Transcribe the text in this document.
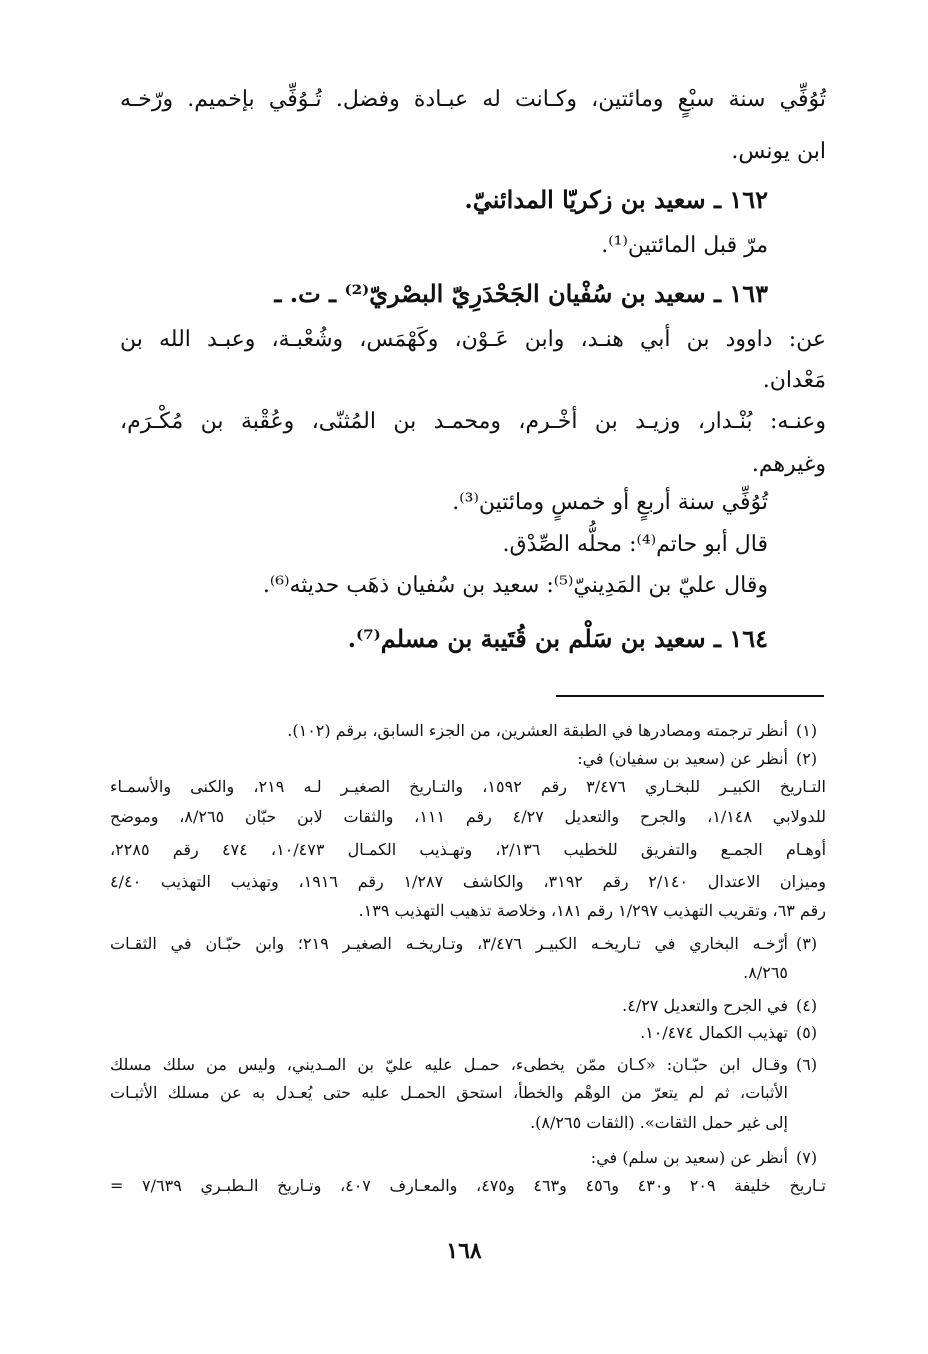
تُوُفِّي سنة سبْعٍ ومائتين، وكـانت له عبـادة وفضل. تُـوُفِّي بإخميم. ورّخـه
ابن يونس.
١٦٢ ـ سعيد بن زكريّا المدائنيّ.
مرّ قبل المائتين⁽¹⁾.
١٦٣ ـ سعيد بن سُفْيان الجَحْدَرِيّ البصْريّ⁽²⁾ ـ ت. ـ
عن: داوود بن أبي هنـد، وابن عَـوْن، وكَهْمَس، وشُعْبـة، وعبـد الله بن
مَعْدان.
وعنـه: بُنْـدار، وزيـد بن أخْـرم، ومحمـد بن المُثنّى، وعُقْبة بن مُكْـرَم،
وغيرهم.
تُوُفِّي سنة أربعٍ أو خمسٍ ومائتين⁽³⁾.
قال أبو حاتم⁽⁴⁾: محلُّه الصِّدْق.
وقال عليّ بن المَدِينيّ⁽⁵⁾: سعيد بن سُفيان ذهَب حديثه⁽⁶⁾.
١٦٤ ـ سعيد بن سَلْم بن قُتَيبة بن مسلم⁽⁷⁾.
(١)
(٢)
(٣)
(٤)
(٥)
(٦)
(٧)
أنظر ترجمته ومصادرها في الطبقة العشرين، من الجزء السابق، برقم (١٠٢).
أنظر عن (سعيد بن سفيان) في:
التـاريخ الكبيـر للبخـاري ٣/٤٧٦ رقم ١٥٩٢، والتـاريخ الصغيـر لـه ٢١٩، والكنى والأسمـاء
للدولابي ١/١٤٨، والجرح والتعديل ٤/٢٧ رقم ١١١، والثقات لابن حبّان ٨/٢٦٥، وموضح
أوهـام الجمـع والتفريق للخطيب ٢/١٣٦، وتهـذيب الكمـال ١٠/٤٧٣، ٤٧٤ رقم ٢٢٨٥،
وميزان الاعتدال ٢/١٤٠ رقم ٣١٩٢، والكاشف ١/٢٨٧ رقم ١٩١٦، وتهذيب التهذيب ٤/٤٠
رقم ٦٣، وتقريب التهذيب ١/٢٩٧ رقم ١٨١، وخلاصة تذهيب التهذيب ١٣٩.
أرّخـه البخاري في تـاريخـه الكبيـر ٣/٤٧٦، وتـاريخـه الصغيـر ٢١٩؛ وابن حبّـان في الثقـات
٨/٢٦٥.
في الجرح والتعديل ٤/٢٧.
تهذيب الكمال ١٠/٤٧٤.
وقـال ابن حبّـان: «كـان ممّن يخطىء، حمـل عليه عليّ بن المـديني، وليس من سلك مسلك
الأثبات، ثم لم يتعرّ من الوهْم والخطأ، استحق الحمـل عليه حتى يُعـدل به عن مسلك الأثبـات
إلى غير حمل الثقات». (الثقات ٨/٢٦٥).
أنظر عن (سعيد بن سلم) في:
تـاريخ خليفة ٢٠٩ و٤٣٠ و٤٥٦ و٤٦٣ و٤٧٥، والمعـارف ٤٠٧، وتـاريخ الـطبـري ٧/٦٣٩ =
١٦٨
